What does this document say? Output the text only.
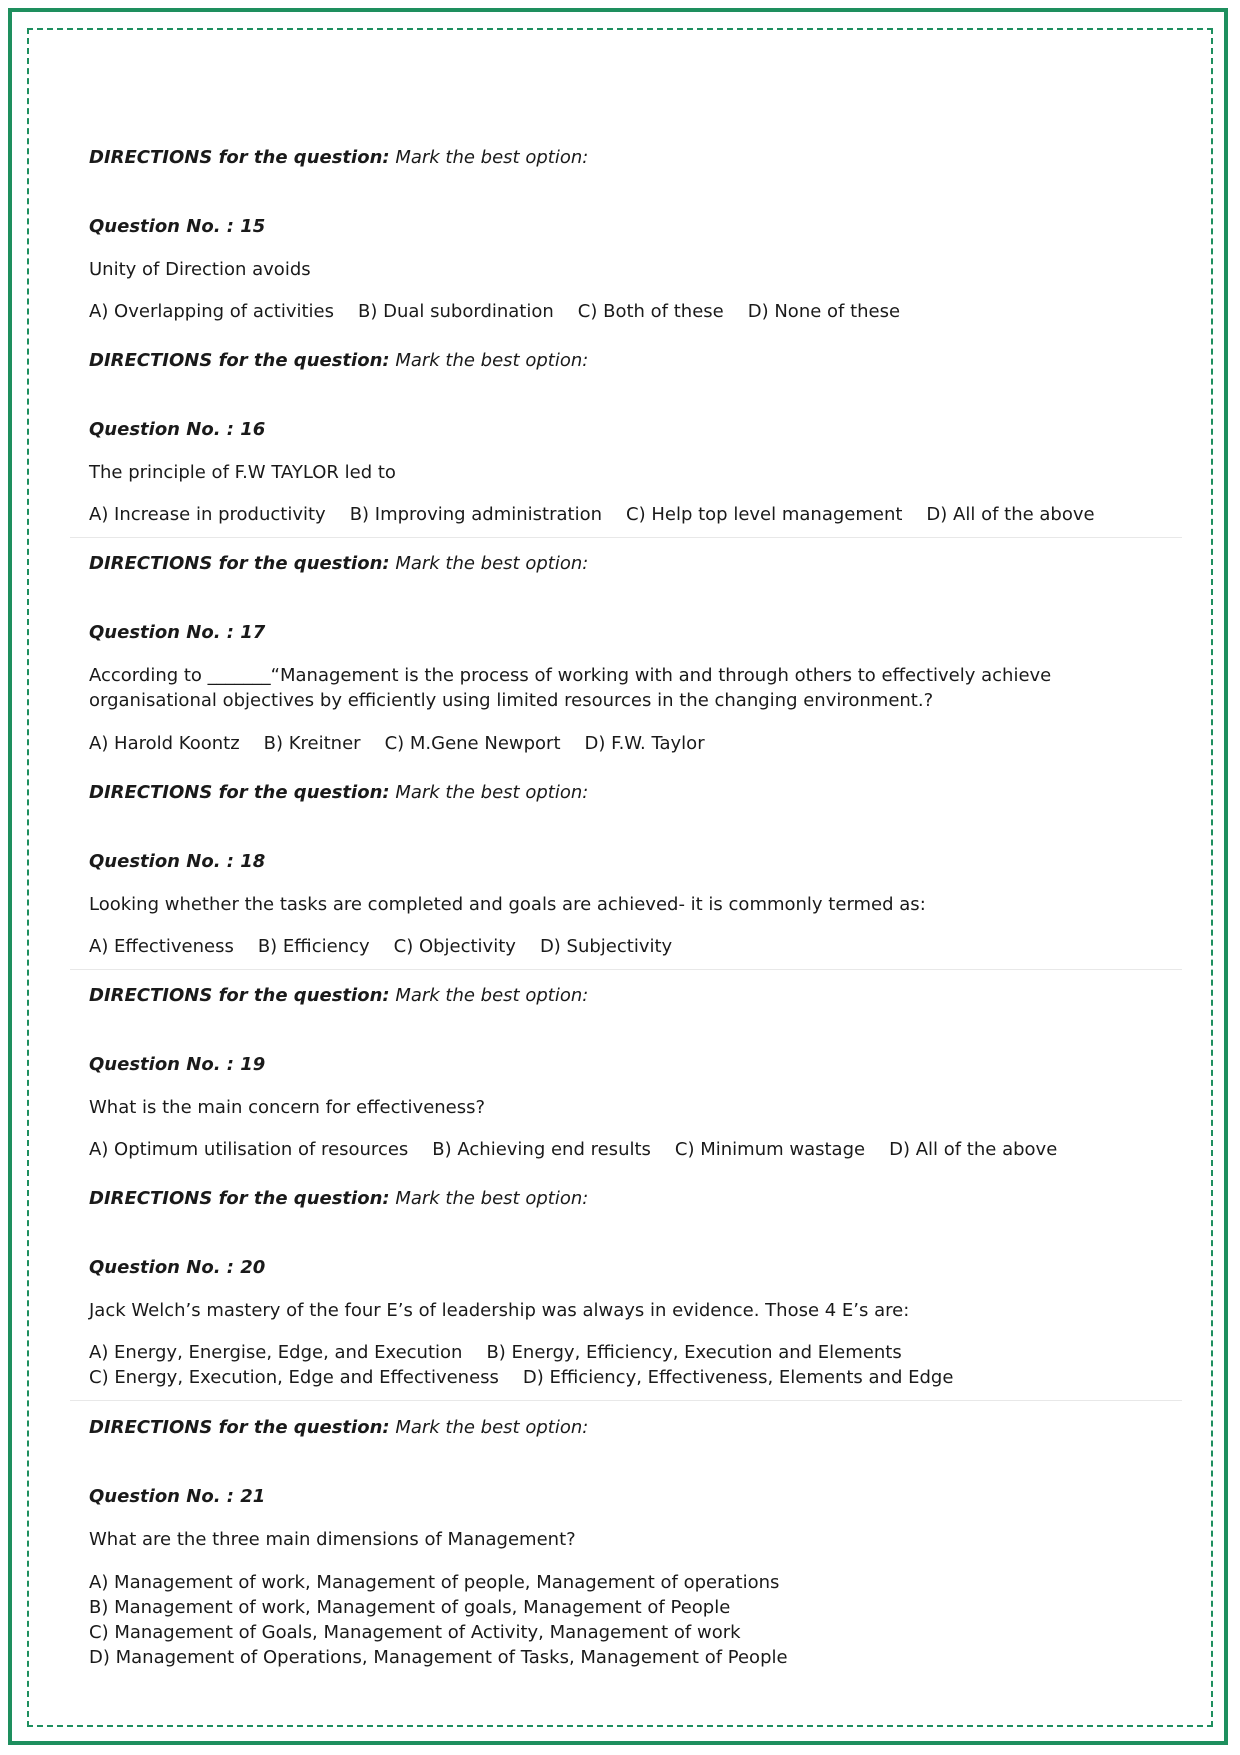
DIRECTIONS for the question: Mark the best option:

Question No. : 15

Unity of Direction avoids

A) Overlapping of activities B) Dual subordination C) Both of these D) None of these

DIRECTIONS for the question: Mark the best option:

Question No. : 16

The principle of F.W TAYLOR led to

A) Increase in productivity B) Improving administration C) Help top level management D) All of the above

DIRECTIONS for the question: Mark the best option:

Question No. : 17

According to _______“Management is the process of working with and through others to effectively achieve organisational objectives by efficiently using limited resources in the changing environment.?

A) Harold Koontz B) Kreitner C) M.Gene Newport D) F.W. Taylor

DIRECTIONS for the question: Mark the best option:

Question No. : 18

Looking whether the tasks are completed and goals are achieved- it is commonly termed as:

A) Effectiveness B) Efficiency C) Objectivity D) Subjectivity

DIRECTIONS for the question: Mark the best option:

Question No. : 19

What is the main concern for effectiveness?

A) Optimum utilisation of resources B) Achieving end results C) Minimum wastage D) All of the above

DIRECTIONS for the question: Mark the best option:

Question No. : 20

Jack Welch’s mastery of the four E’s of leadership was always in evidence. Those 4 E’s are:

A) Energy, Energise, Edge, and Execution B) Energy, Efficiency, Execution and Elements
C) Energy, Execution, Edge and Effectiveness D) Efficiency, Effectiveness, Elements and Edge

DIRECTIONS for the question: Mark the best option:

Question No. : 21

What are the three main dimensions of Management?

A) Management of work, Management of people, Management of operations
B) Management of work, Management of goals, Management of People
C) Management of Goals, Management of Activity, Management of work
D) Management of Operations, Management of Tasks, Management of People
